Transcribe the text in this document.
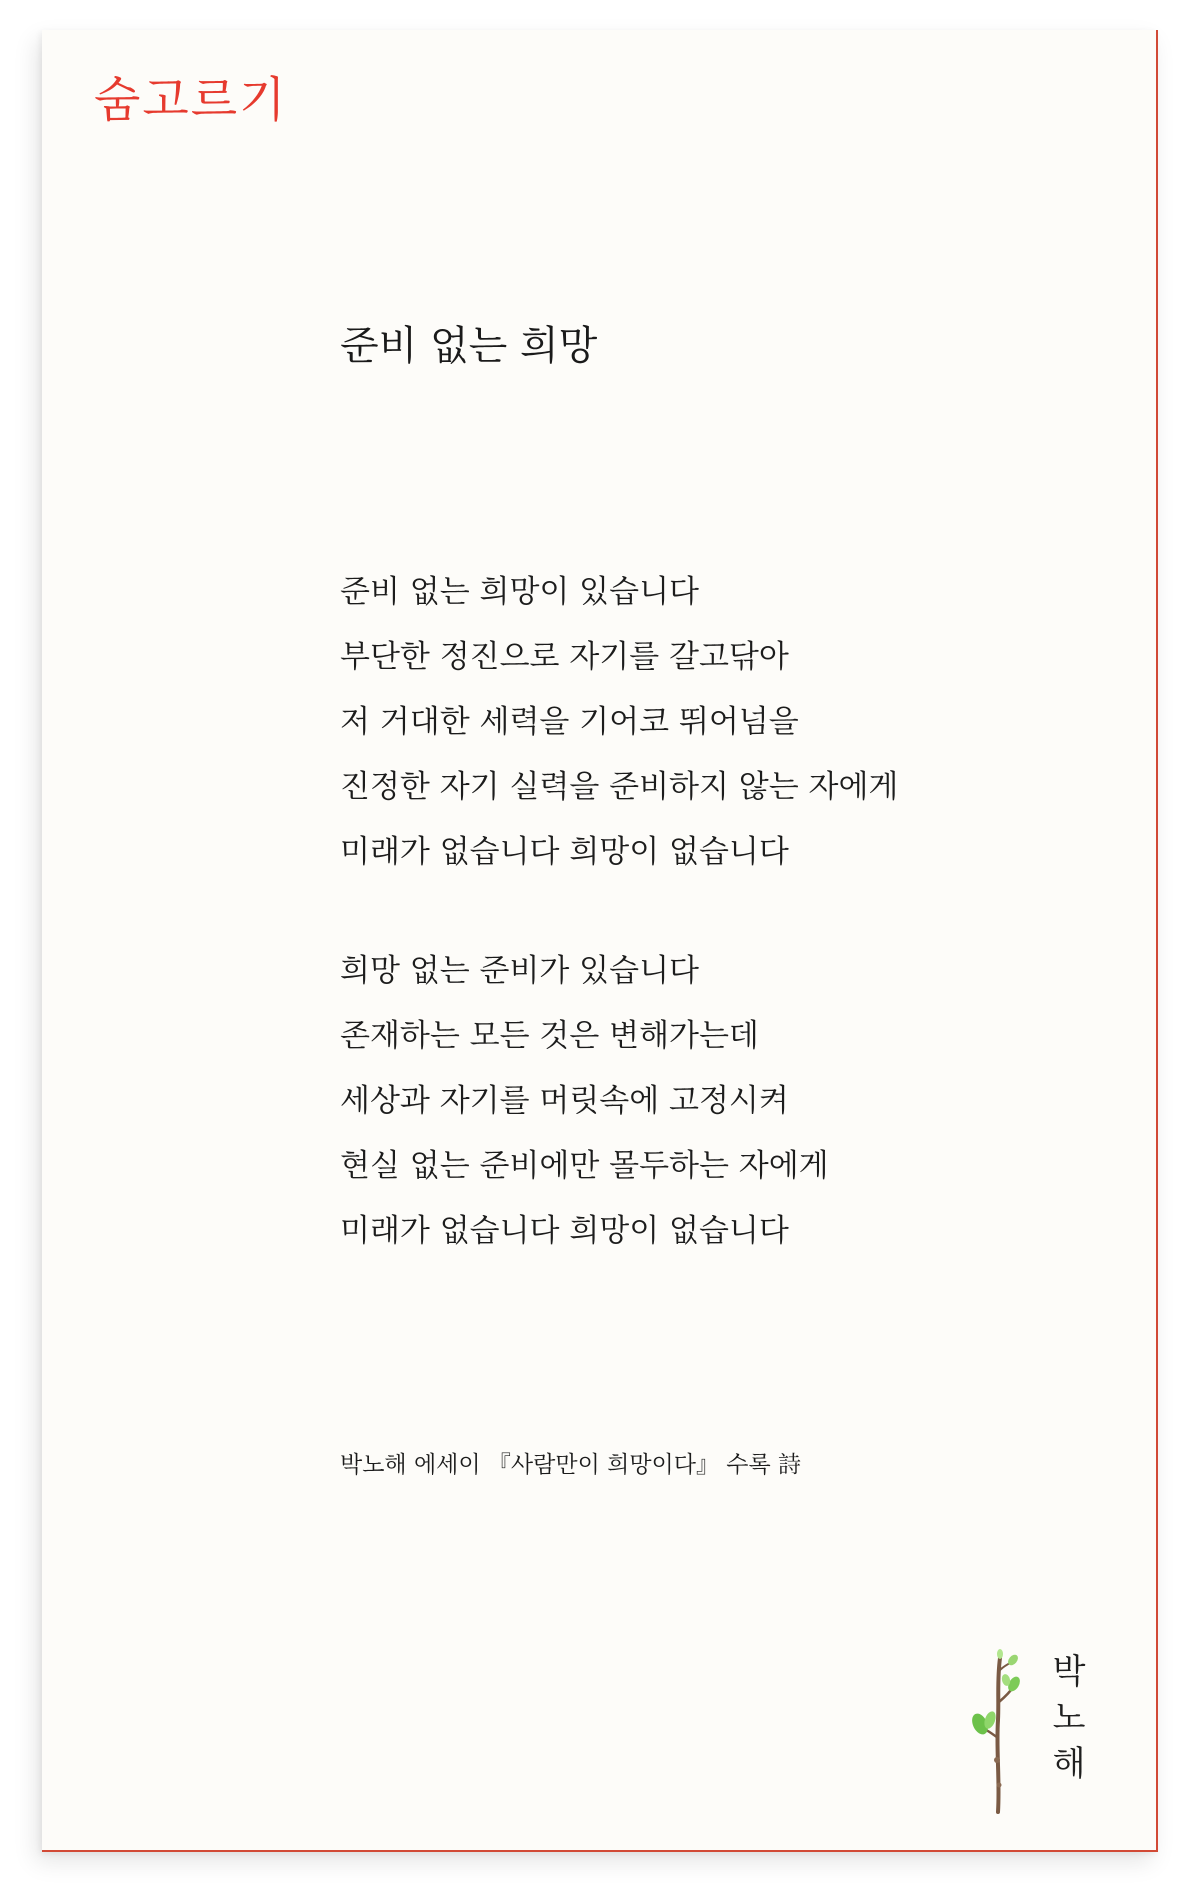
숨고르기
준비 없는 희망
준비 없는 희망이 있습니다
부단한 정진으로 자기를 갈고닦아
저 거대한 세력을 기어코 뛰어넘을
진정한 자기 실력을 준비하지 않는 자에게
미래가 없습니다 희망이 없습니다
희망 없는 준비가 있습니다
존재하는 모든 것은 변해가는데
세상과 자기를 머릿속에 고정시켜
현실 없는 준비에만 몰두하는 자에게
미래가 없습니다 희망이 없습니다
박노해 에세이 『사람만이 희망이다』 수록 詩
박
노
해
